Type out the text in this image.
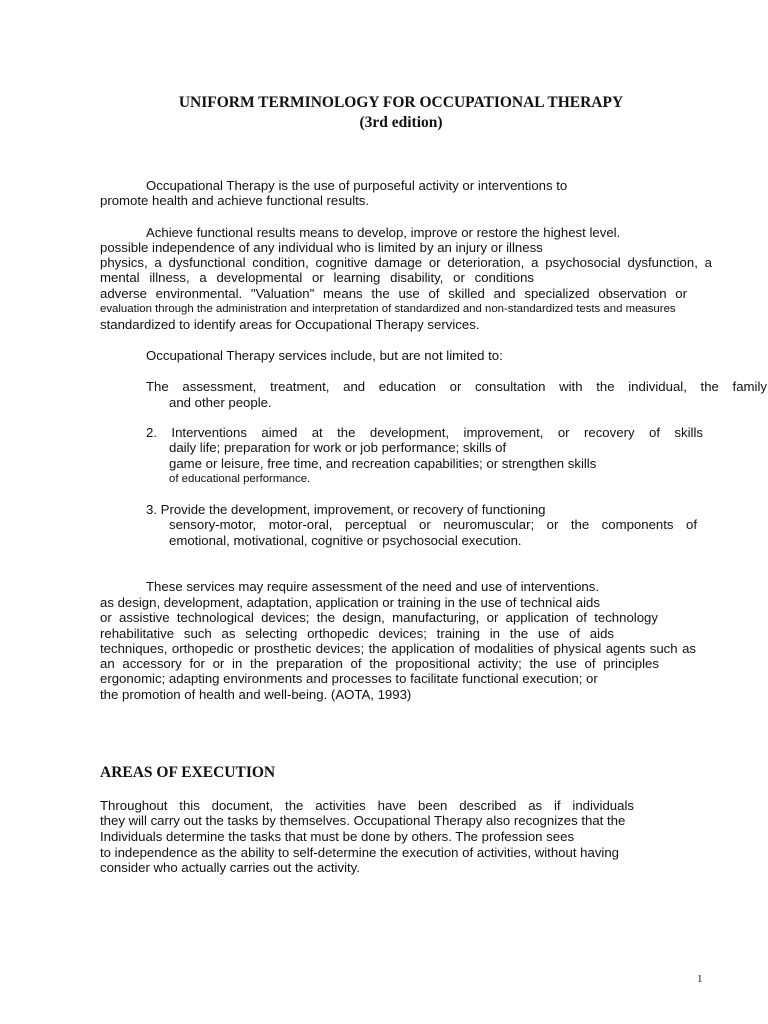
UNIFORM TERMINOLOGY FOR OCCUPATIONAL THERAPY
(3rd edition)

Occupational Therapy is the use of purposeful activity or interventions to

promote health and achieve functional results.

Achieve functional results means to develop, improve or restore the highest level.

possible independence of any individual who is limited by an injury or illness

physics, a dysfunctional condition, cognitive damage or deterioration, a psychosocial dysfunction, a

mental illness, a developmental or learning disability, or conditions

adverse environmental. "Valuation" means the use of skilled and specialized observation or

evaluation through the administration and interpretation of standardized and non-standardized tests and measures

standardized to identify areas for Occupational Therapy services.

Occupational Therapy services include, but are not limited to:

The assessment, treatment, and education or consultation with the individual, the family

and other people.

2. Interventions aimed at the development, improvement, or recovery of skills

daily life; preparation for work or job performance; skills of

game or leisure, free time, and recreation capabilities; or strengthen skills

of educational performance.

3. Provide the development, improvement, or recovery of functioning

sensory-motor, motor-oral, perceptual or neuromuscular; or the components of

emotional, motivational, cognitive or psychosocial execution.

These services may require assessment of the need and use of interventions.

as design, development, adaptation, application or training in the use of technical aids

or assistive technological devices; the design, manufacturing, or application of technology

rehabilitative such as selecting orthopedic devices; training in the use of aids

techniques, orthopedic or prosthetic devices; the application of modalities of physical agents such as

an accessory for or in the preparation of the propositional activity; the use of principles

ergonomic; adapting environments and processes to facilitate functional execution; or

the promotion of health and well-being. (AOTA, 1993)

AREAS OF EXECUTION

Throughout this document, the activities have been described as if individuals

they will carry out the tasks by themselves. Occupational Therapy also recognizes that the

Individuals determine the tasks that must be done by others. The profession sees

to independence as the ability to self-determine the execution of activities, without having

consider who actually carries out the activity.

1
